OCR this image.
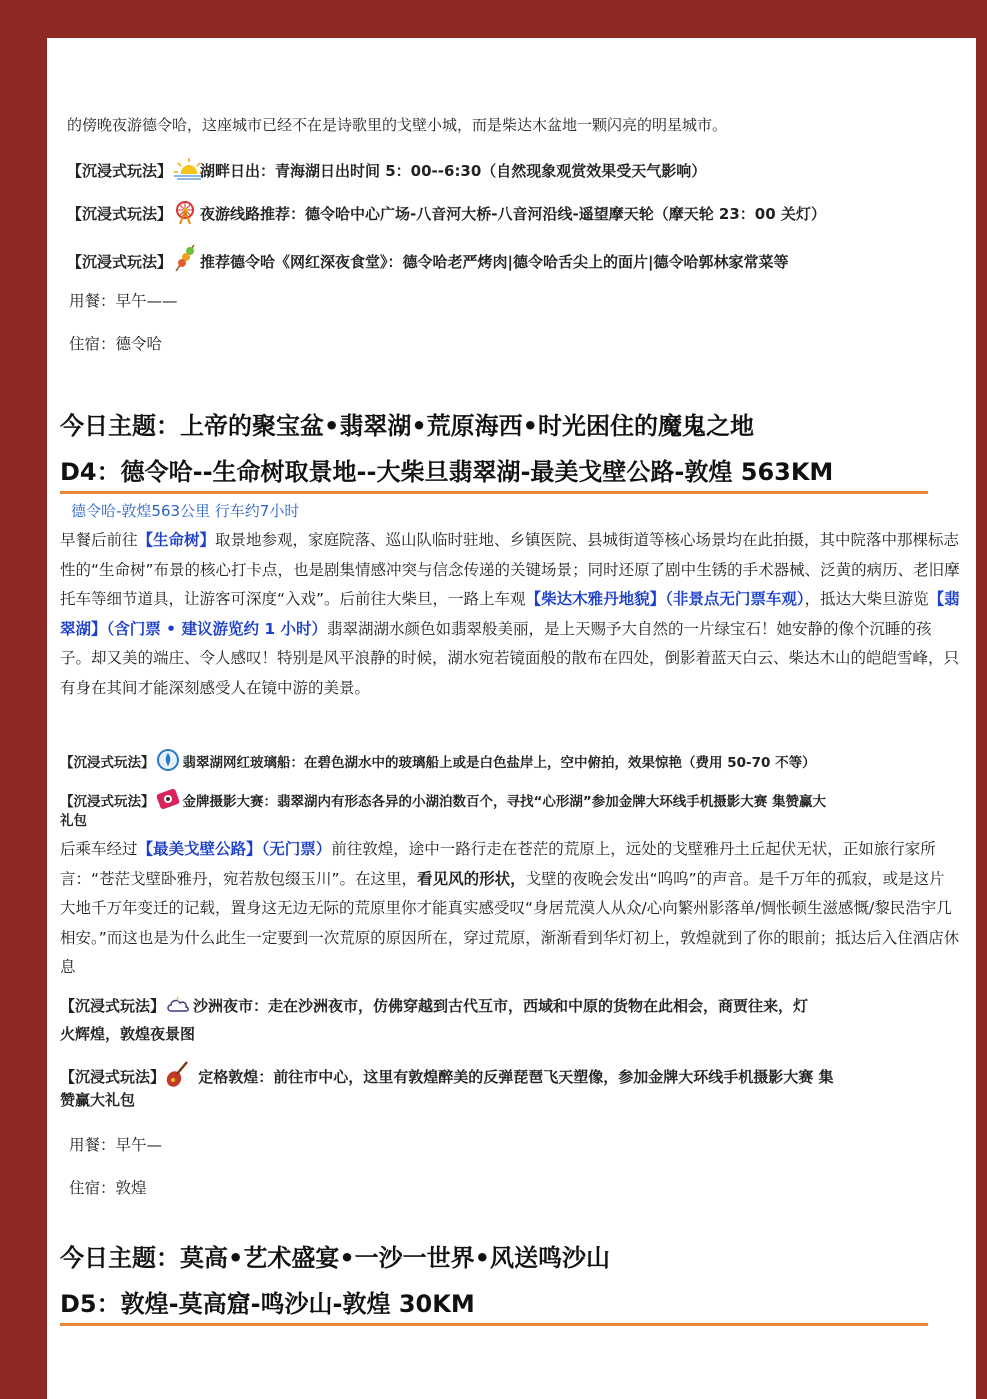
的傍晚夜游德令哈，这座城市已经不在是诗歌里的戈壁小城，而是柴达木盆地一颗闪亮的明星城市。
【沉浸式玩法】 湖畔日出：青海湖日出时间 5：00--6:30（自然现象观赏效果受天气影响）
【沉浸式玩法】 夜游线路推荐：德令哈中心广场-八音河大桥-八音河沿线-遥望摩天轮（摩天轮 23：00 关灯）
【沉浸式玩法】 推荐德令哈《网红深夜食堂》：德令哈老严烤肉|德令哈舌尖上的面片|德令哈郭林家常菜等
用餐：早午——
住宿：德令哈
今日主题：上帝的聚宝盆•翡翠湖•荒原海西•时光困住的魔鬼之地
D4：德令哈--生命树取景地--大柴旦翡翠湖-最美戈壁公路-敦煌 563KM
德令哈-敦煌563公里 行车约7小时
早餐后前往【生命树】取景地参观，家庭院落、巡山队临时驻地、乡镇医院、县城街道等核心场景均在此拍摄，其中院落中那棵标志性的“生命树”布景的核心打卡点，也是剧集情感冲突与信念传递的关键场景；同时还原了剧中生锈的手术器械、泛黄的病历、老旧摩托车等细节道具，让游客可深度“入戏”。后前往大柴旦，一路上车观【柴达木雅丹地貌】（非景点无门票车观），抵达大柴旦游览【翡翠湖】（含门票 • 建议游览约 1 小时）翡翠湖湖水颜色如翡翠般美丽，是上天赐予大自然的一片绿宝石！她安静的像个沉睡的孩子。却又美的端庄、令人感叹！特别是风平浪静的时候，湖水宛若镜面般的散布在四处，倒影着蓝天白云、柴达木山的皑皑雪峰，只有身在其间才能深刻感受人在镜中游的美景。
【沉浸式玩法】 翡翠湖网红玻璃船：在碧色湖水中的玻璃船上或是白色盐岸上，空中俯拍，效果惊艳（费用 50-70 不等）
【沉浸式玩法】 金牌摄影大赛：翡翠湖内有形态各异的小湖泊数百个，寻找“心形湖”参加金牌大环线手机摄影大赛 集赞赢大
礼包
后乘车经过【最美戈壁公路】（无门票）前往敦煌，途中一路行走在苍茫的荒原上，远处的戈壁雅丹土丘起伏无状，正如旅行家所言：“苍茫戈壁卧雅丹，宛若敖包缀玉川”。在这里，看见风的形状，戈壁的夜晚会发出“呜呜”的声音。是千万年的孤寂，或是这片大地千万年变迁的记载，置身这无边无际的荒原里你才能真实感受叹“身居荒漠人从众/心向繁州影落单/惆怅顿生滋感慨/黎民浩宇几相安。”而这也是为什么此生一定要到一次荒原的原因所在，穿过荒原，渐渐看到华灯初上，敦煌就到了你的眼前；抵达后入住酒店休息
【沉浸式玩法】 沙洲夜市：走在沙洲夜市，仿佛穿越到古代互市，西域和中原的货物在此相会，商贾往来，灯
火辉煌，敦煌夜景图
【沉浸式玩法】 定格敦煌：前往市中心，这里有敦煌醉美的反弹琵琶飞天塑像，参加金牌大环线手机摄影大赛 集
赞赢大礼包
用餐：早午—
住宿：敦煌
今日主题：莫高•艺术盛宴•一沙一世界•风送鸣沙山
D5：敦煌-莫高窟-鸣沙山-敦煌 30KM
